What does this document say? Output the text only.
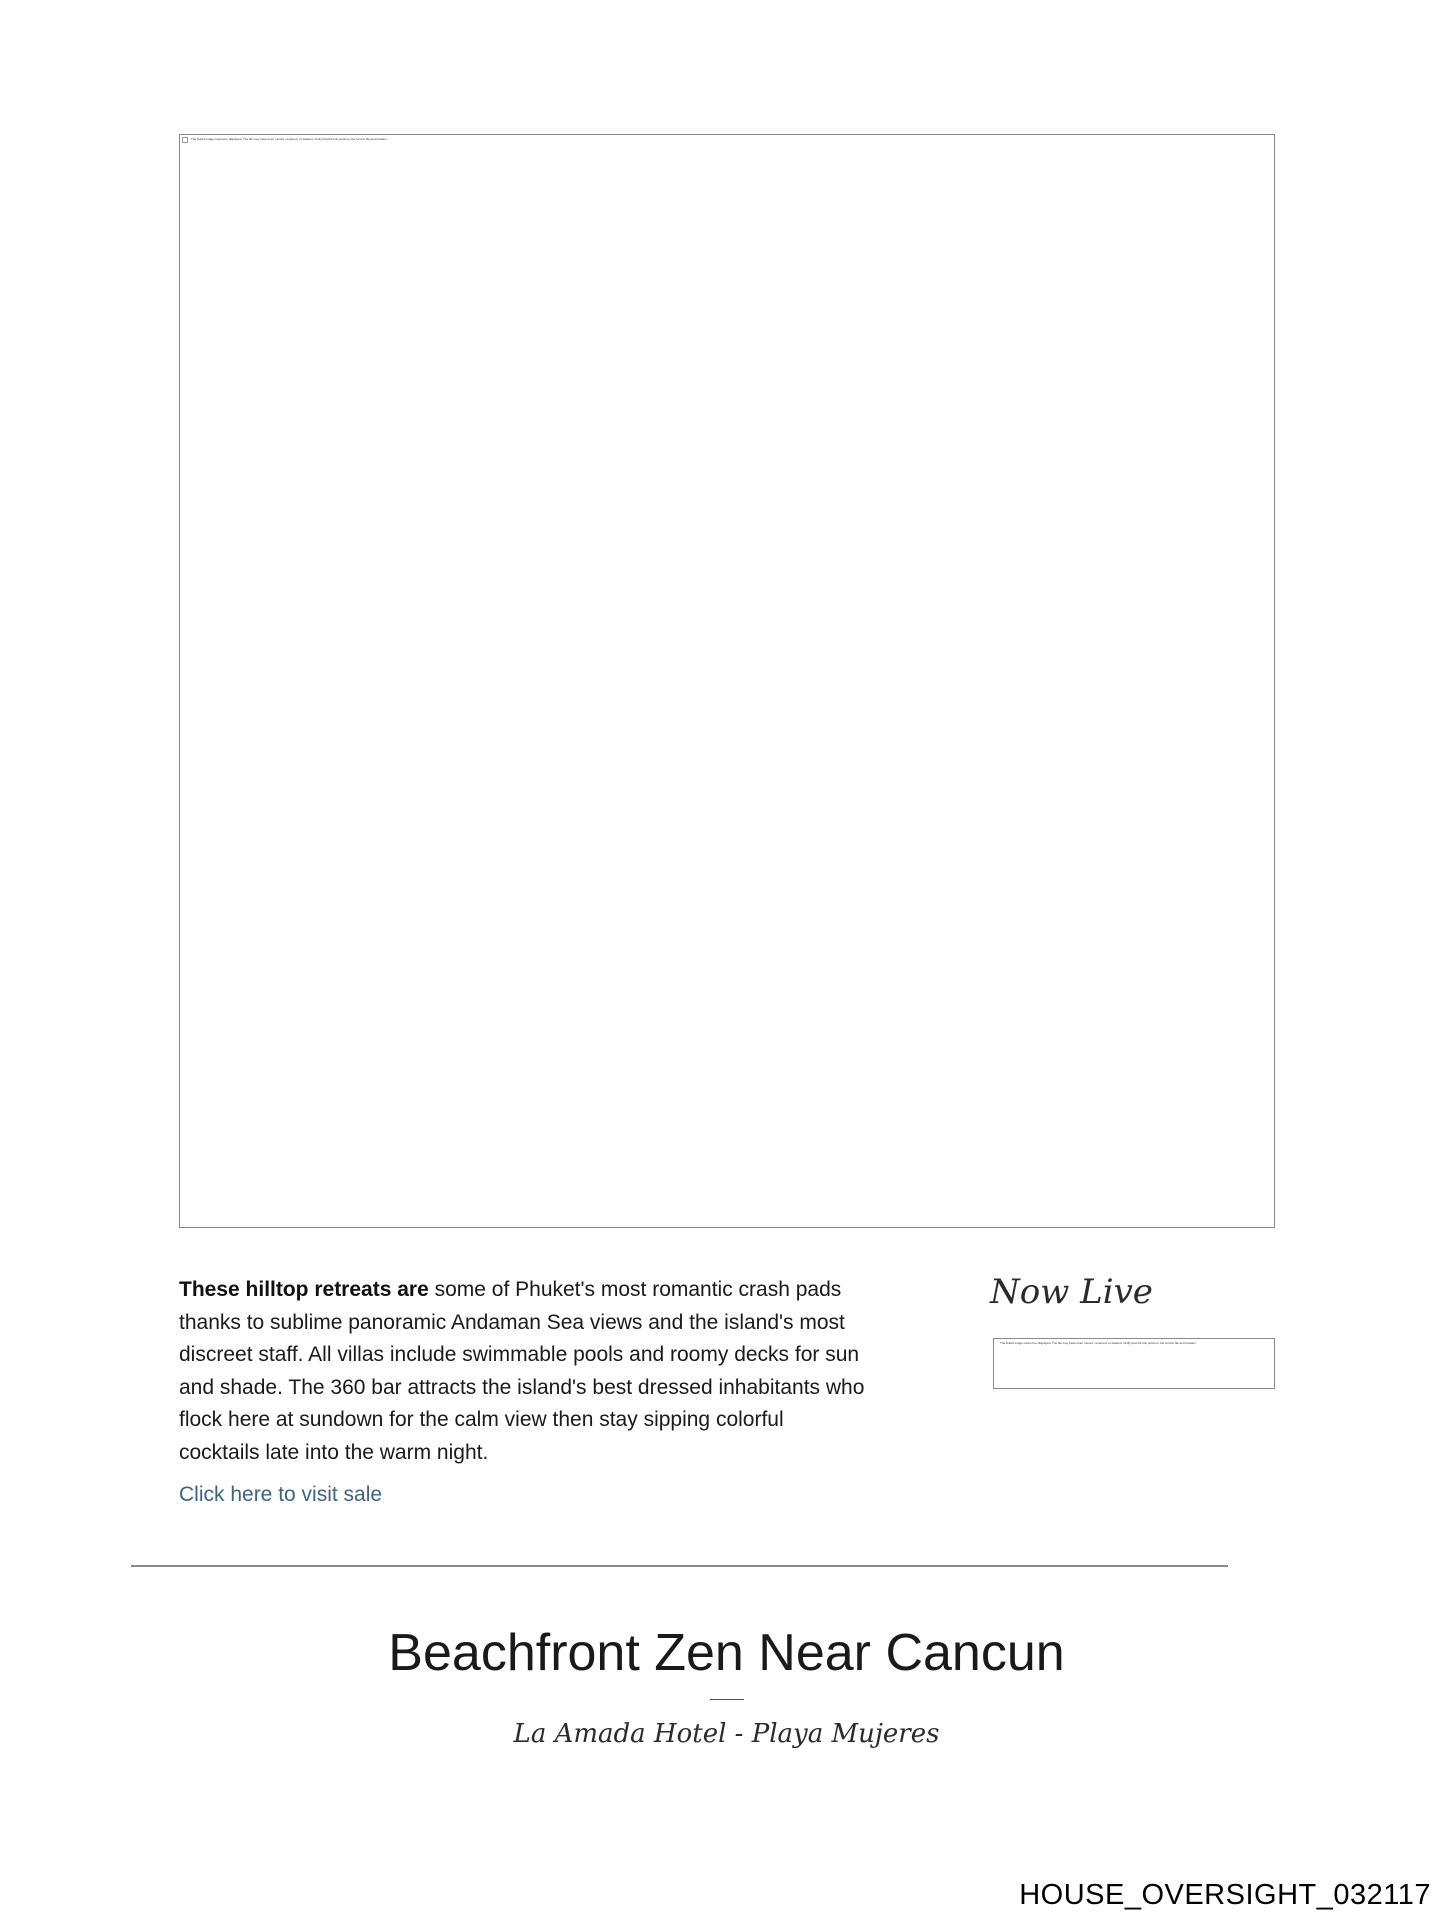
The linked image cannot be displayed. The file may have been moved, renamed, or deleted. Verify that the link points to the correct file and location.

These hilltop retreats are some of Phuket's most romantic crash pads thanks to sublime panoramic Andaman Sea views and the island's most discreet staff. All villas include swimmable pools and roomy decks for sun and shade. The 360 bar attracts the island's best dressed inhabitants who flock here at sundown for the calm view then stay sipping colorful cocktails late into the warm night.

Click here to visit sale
Now Live
The linked image cannot be displayed. The file may have been moved, renamed, or deleted. Verify that the link points to the correct file and location.
Beachfront Zen Near Cancun
La Amada Hotel - Playa Mujeres
HOUSE_OVERSIGHT_032117
